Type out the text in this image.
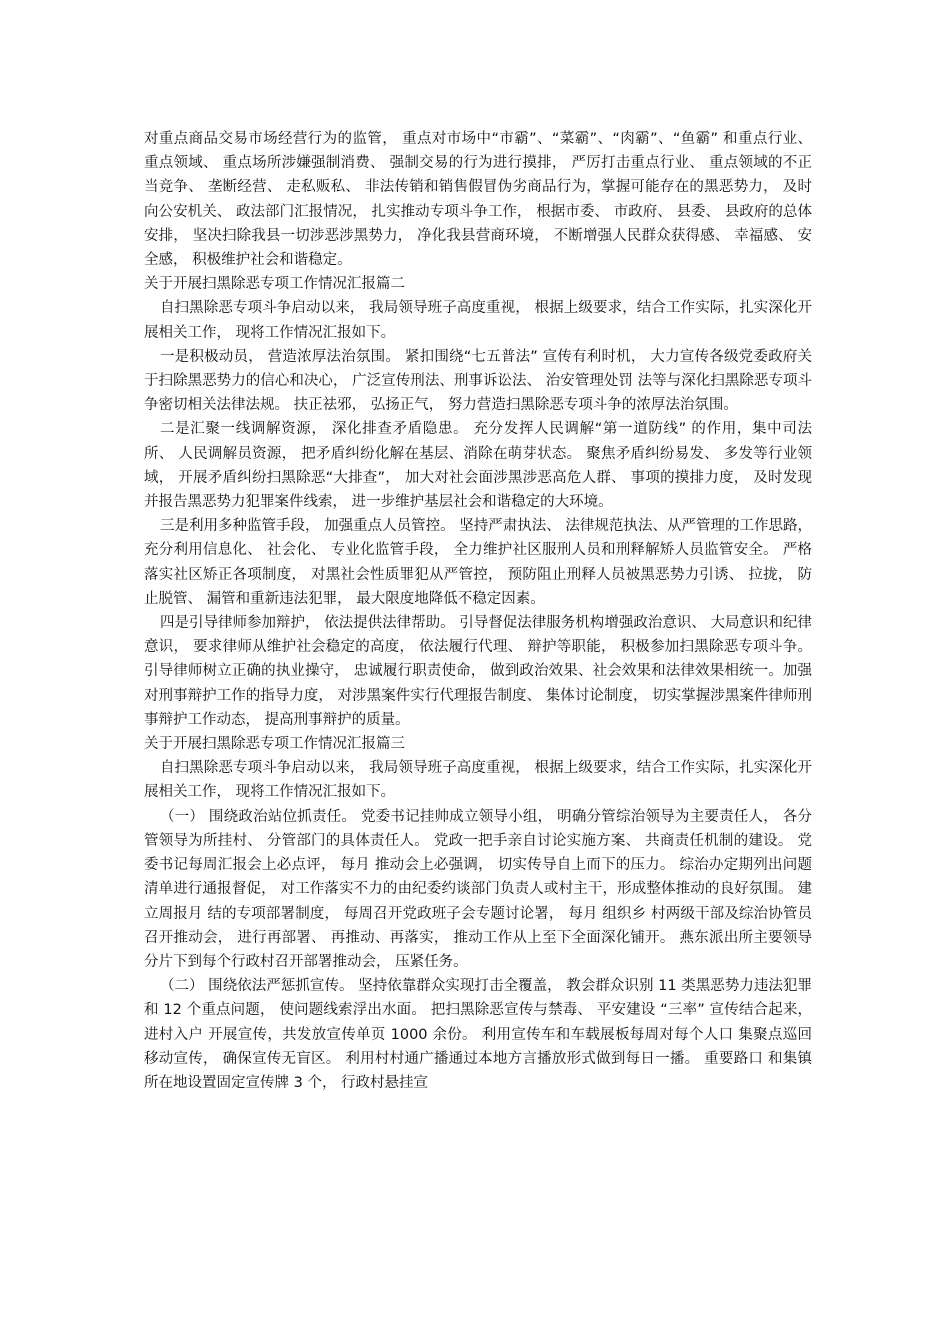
对重点商品交易市场经营行为的监管， 重点对市场中“市霸”、“菜霸”、“肉霸”、“鱼霸” 和重点行业、 重点领域、 重点场所涉嫌强制消费、 强制交易的行为进行摸排， 严厉打击重点行业、 重点领域的不正当竞争、 垄断经营、 走私贩私、 非法传销和销售假冒伪劣商品行为，掌握可能存在的黑恶势力， 及时向公安机关、 政法部门汇报情况， 扎实推动专项斗争工作， 根据市委、 市政府、 县委、 县政府的总体安排， 坚决扫除我县一切涉恶涉黑势力， 净化我县营商环境， 不断增强人民群众获得感、 幸福感、 安全感， 积极维护社会和谐稳定。

关于开展扫黑除恶专项工作情况汇报篇二

自扫黑除恶专项斗争启动以来， 我局领导班子高度重视， 根据上级要求，结合工作实际，扎实深化开展相关工作， 现将工作情况汇报如下。

一是积极动员， 营造浓厚法治氛围。 紧扣围绕“七五普法” 宣传有利时机， 大力宣传各级党委政府关于扫除黑恶势力的信心和决心， 广泛宣传刑法、刑事诉讼法、 治安管理处罚 法等与深化扫黑除恶专项斗争密切相关法律法规。 扶正祛邪， 弘扬正气， 努力营造扫黑除恶专项斗争的浓厚法治氛围。

二是汇聚一线调解资源， 深化排查矛盾隐患。 充分发挥人民调解“第一道防线” 的作用，集中司法所、 人民调解员资源， 把矛盾纠纷化解在基层、消除在萌芽状态。 聚焦矛盾纠纷易发、 多发等行业领域， 开展矛盾纠纷扫黑除恶“大排查”， 加大对社会面涉黑涉恶高危人群、 事项的摸排力度， 及时发现并报告黑恶势力犯罪案件线索， 进一步维护基层社会和谐稳定的大环境。

三是利用多种监管手段， 加强重点人员管控。 坚持严肃执法、 法律规范执法、从严管理的工作思路， 充分利用信息化、 社会化、 专业化监管手段， 全力维护社区服刑人员和刑释解矫人员监管安全。 严格落实社区矫正各项制度， 对黑社会性质罪犯从严管控， 预防阻止刑释人员被黑恶势力引诱、 拉拢， 防止脱管、 漏管和重新违法犯罪， 最大限度地降低不稳定因素。

四是引导律师参加辩护， 依法提供法律帮助。 引导督促法律服务机构增强政治意识、 大局意识和纪律意识， 要求律师从维护社会稳定的高度， 依法履行代理、 辩护等职能， 积极参加扫黑除恶专项斗争。 引导律师树立正确的执业操守， 忠诚履行职责使命， 做到政治效果、社会效果和法律效果相统一。加强对刑事辩护工作的指导力度， 对涉黑案件实行代理报告制度、 集体讨论制度， 切实掌握涉黑案件律师刑事辩护工作动态， 提高刑事辩护的质量。

关于开展扫黑除恶专项工作情况汇报篇三

自扫黑除恶专项斗争启动以来， 我局领导班子高度重视， 根据上级要求，结合工作实际，扎实深化开展相关工作， 现将工作情况汇报如下。

（一） 围绕政治站位抓责任。 党委书记挂帅成立领导小组， 明确分管综治领导为主要责任人， 各分管领导为所挂村、 分管部门的具体责任人。 党政一把手亲自讨论实施方案、 共商责任机制的建设。 党委书记每周汇报会上必点评， 每月 推动会上必强调， 切实传导自上而下的压力。 综治办定期列出问题清单进行通报督促， 对工作落实不力的由纪委约谈部门负责人或村主干，形成整体推动的良好氛围。 建立周报月 结的专项部署制度， 每周召开党政班子会专题讨论署， 每月 组织乡 村两级干部及综治协管员召开推动会， 进行再部署、 再推动、再落实， 推动工作从上至下全面深化铺开。 燕东派出所主要领导分片下到每个行政村召开部署推动会， 压紧任务。

（二） 围绕依法严惩抓宣传。 坚持依靠群众实现打击全覆盖， 教会群众识别 11 类黑恶势力违法犯罪和 12 个重点问题， 使问题线索浮出水面。 把扫黑除恶宣传与禁毒、 平安建设 “三率” 宣传结合起来， 进村入户 开展宣传，共发放宣传单页 1000 余份。 利用宣传车和车载展板每周对每个人口 集聚点巡回移动宣传， 确保宣传无盲区。 利用村村通广播通过本地方言播放形式做到每日一播。 重要路口 和集镇所在地设置固定宣传牌 3 个， 行政村悬挂宣
